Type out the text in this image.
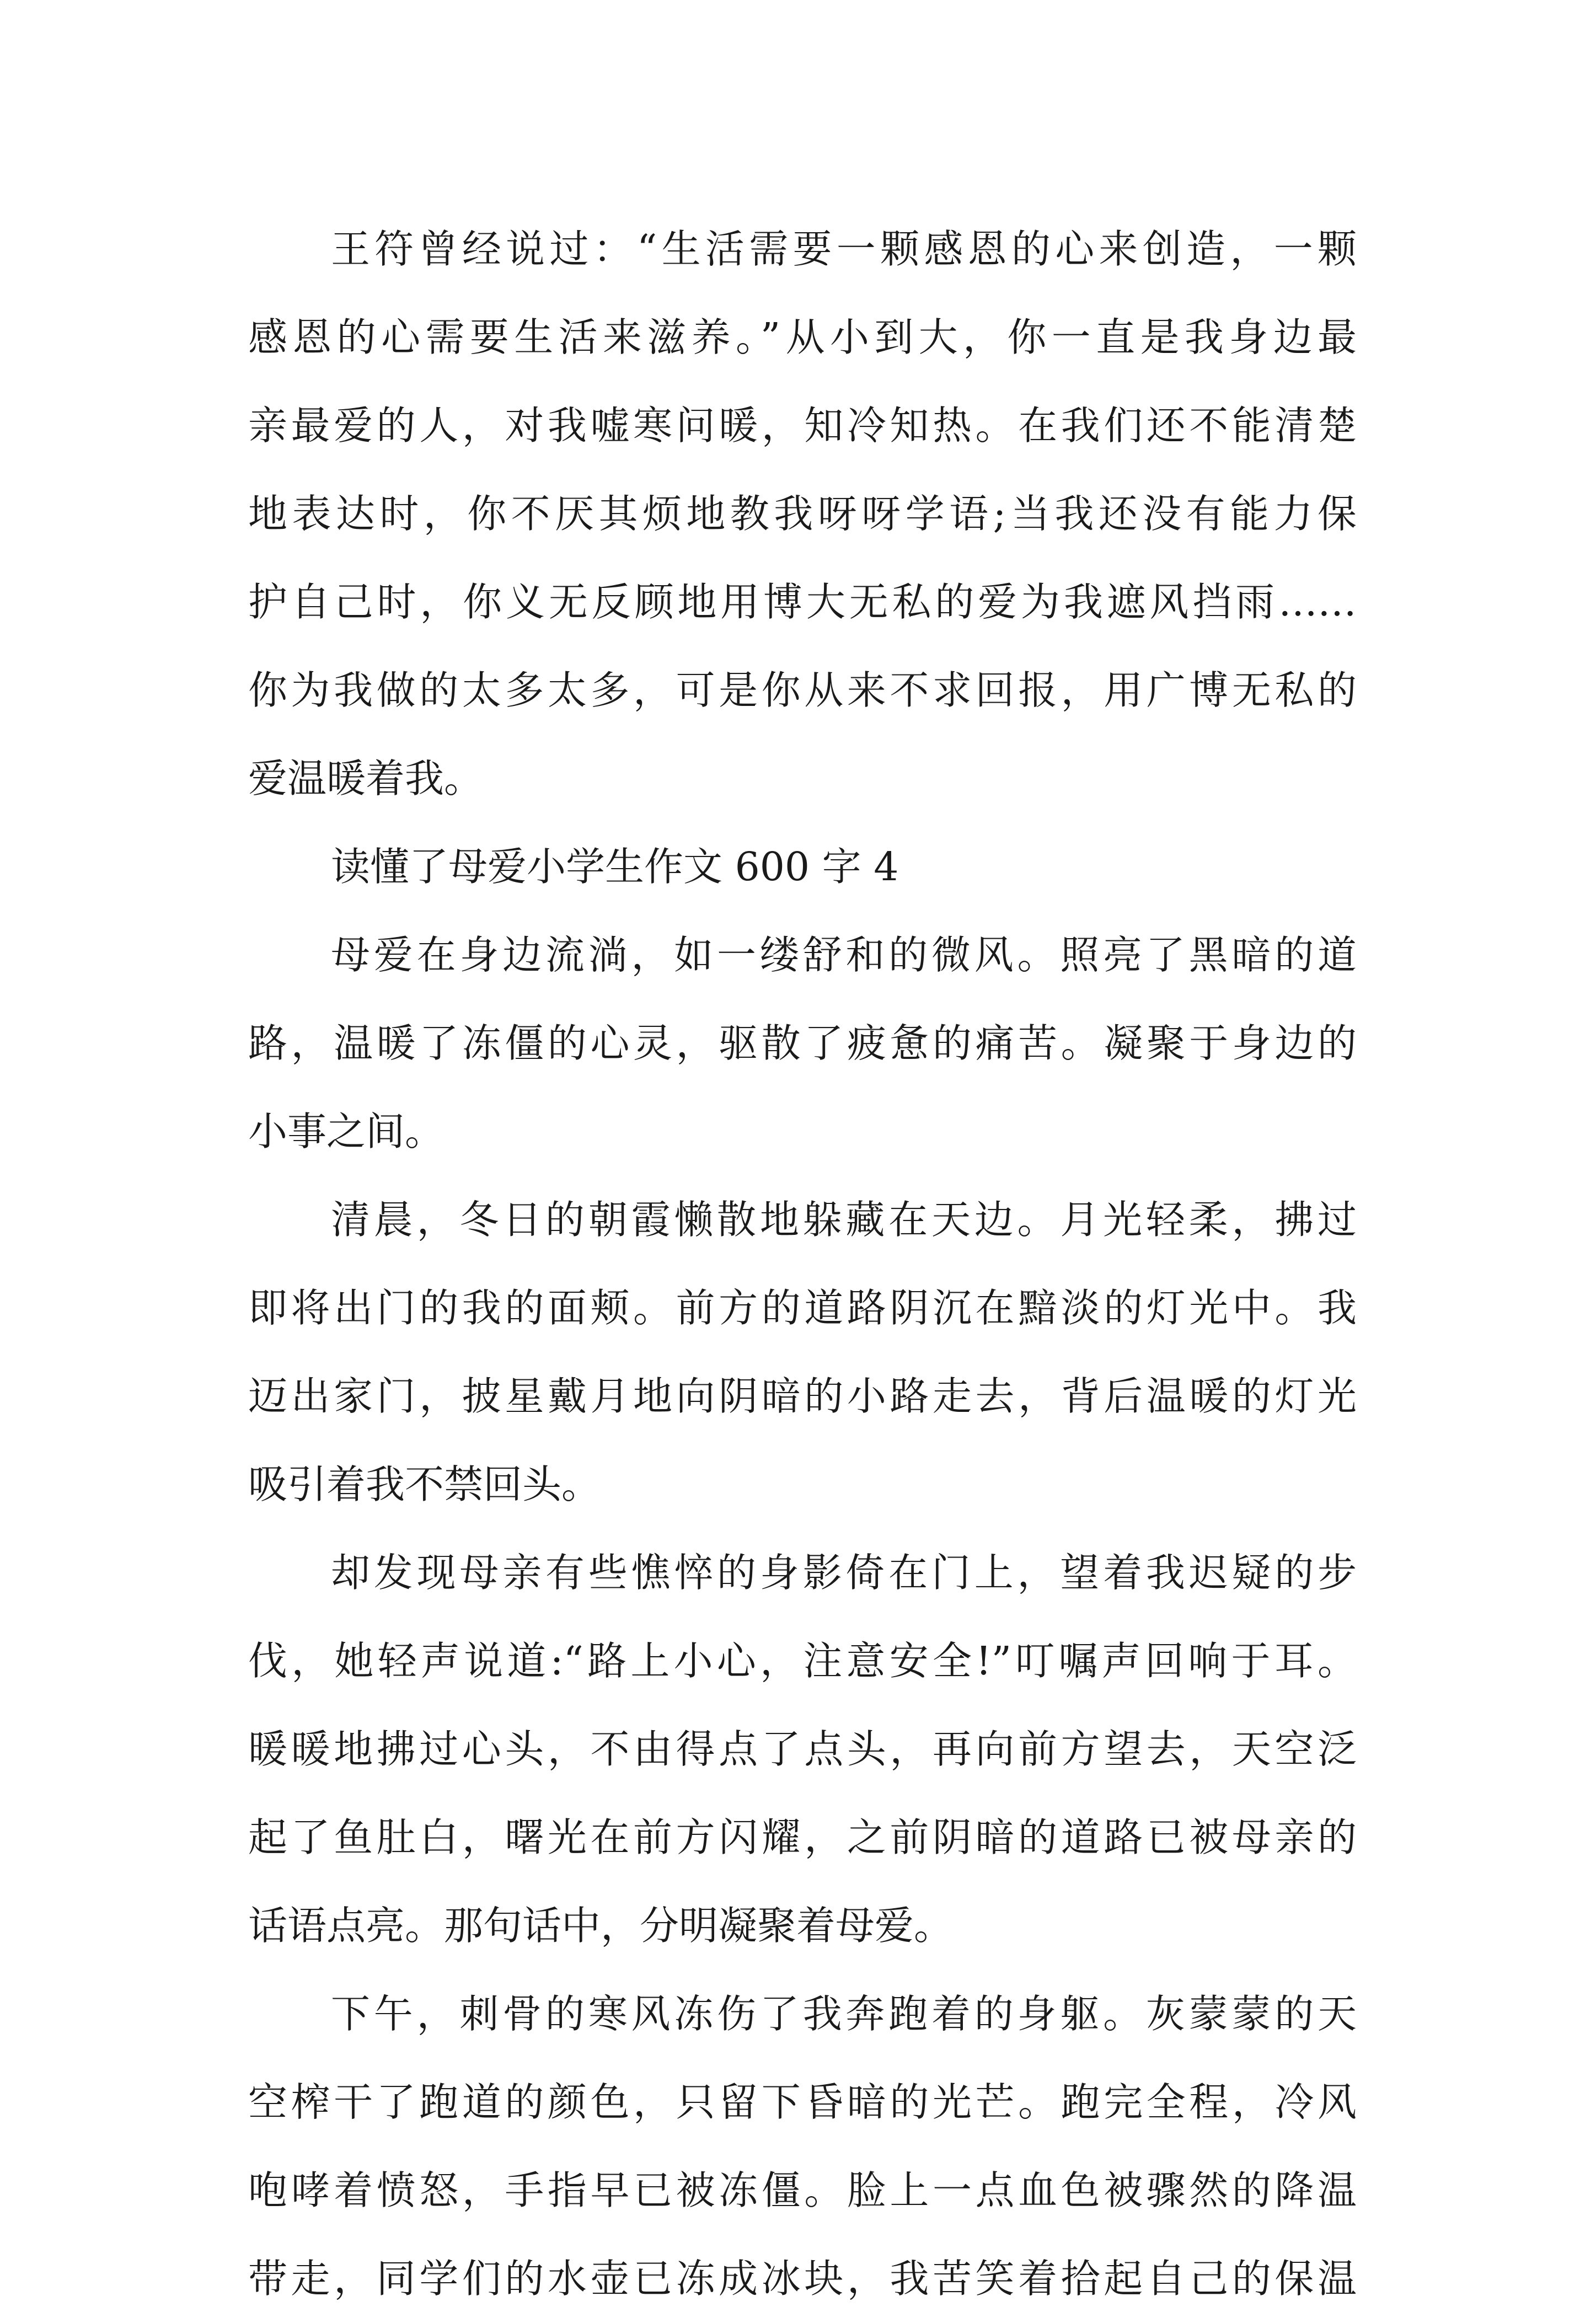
王符曾经说过：“生活需要一颗感恩的心来创造，一颗
感恩的心需要生活来滋养。”从小到大，你一直是我身边最
亲最爱的人，对我嘘寒问暖，知冷知热。在我们还不能清楚
地表达时，你不厌其烦地教我呀呀学语;当我还没有能力保
护自己时，你义无反顾地用博大无私的爱为我遮风挡雨……
你为我做的太多太多，可是你从来不求回报，用广博无私的
爱温暖着我。
读懂了母爱小学生作文 600 字 4
母爱在身边流淌，如一缕舒和的微风。照亮了黑暗的道
路，温暖了冻僵的心灵，驱散了疲惫的痛苦。凝聚于身边的
小事之间。
清晨，冬日的朝霞懒散地躲藏在天边。月光轻柔，拂过
即将出门的我的面颊。前方的道路阴沉在黯淡的灯光中。我
迈出家门，披星戴月地向阴暗的小路走去，背后温暖的灯光
吸引着我不禁回头。
却发现母亲有些憔悴的身影倚在门上，望着我迟疑的步
伐，她轻声说道:“路上小心，注意安全!”叮嘱声回响于耳。
暖暖地拂过心头，不由得点了点头，再向前方望去，天空泛
起了鱼肚白，曙光在前方闪耀，之前阴暗的道路已被母亲的
话语点亮。那句话中，分明凝聚着母爱。
下午，刺骨的寒风冻伤了我奔跑着的身躯。灰蒙蒙的天
空榨干了跑道的颜色，只留下昏暗的光芒。跑完全程，冷风
咆哮着愤怒，手指早已被冻僵。脸上一点血色被骤然的降温
带走，同学们的水壶已冻成冰块，我苦笑着拾起自己的保温
